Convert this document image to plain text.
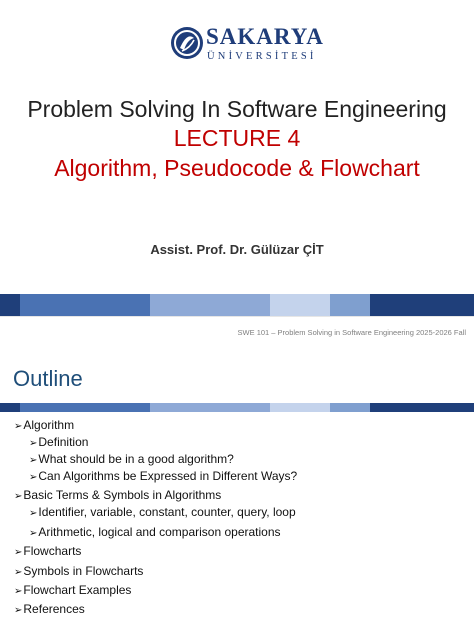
SAKARYA
ÜNİVERSİTESİ
Problem Solving In Software Engineering
LECTURE 4
Algorithm, Pseudocode & Flowchart
Assist. Prof. Dr. Gülüzar ÇİT
SWE 101 – Problem Solving in Software Engineering 2025-2026 Fall
Outline
➢Algorithm
➢Definition
➢What should be in a good algorithm?
➢Can Algorithms be Expressed in Different Ways?
➢Basic Terms & Symbols in Algorithms
➢Identifier, variable, constant, counter, query, loop
➢Arithmetic, logical and comparison operations
➢Flowcharts
➢Symbols in Flowcharts
➢Flowchart Examples
➢References
